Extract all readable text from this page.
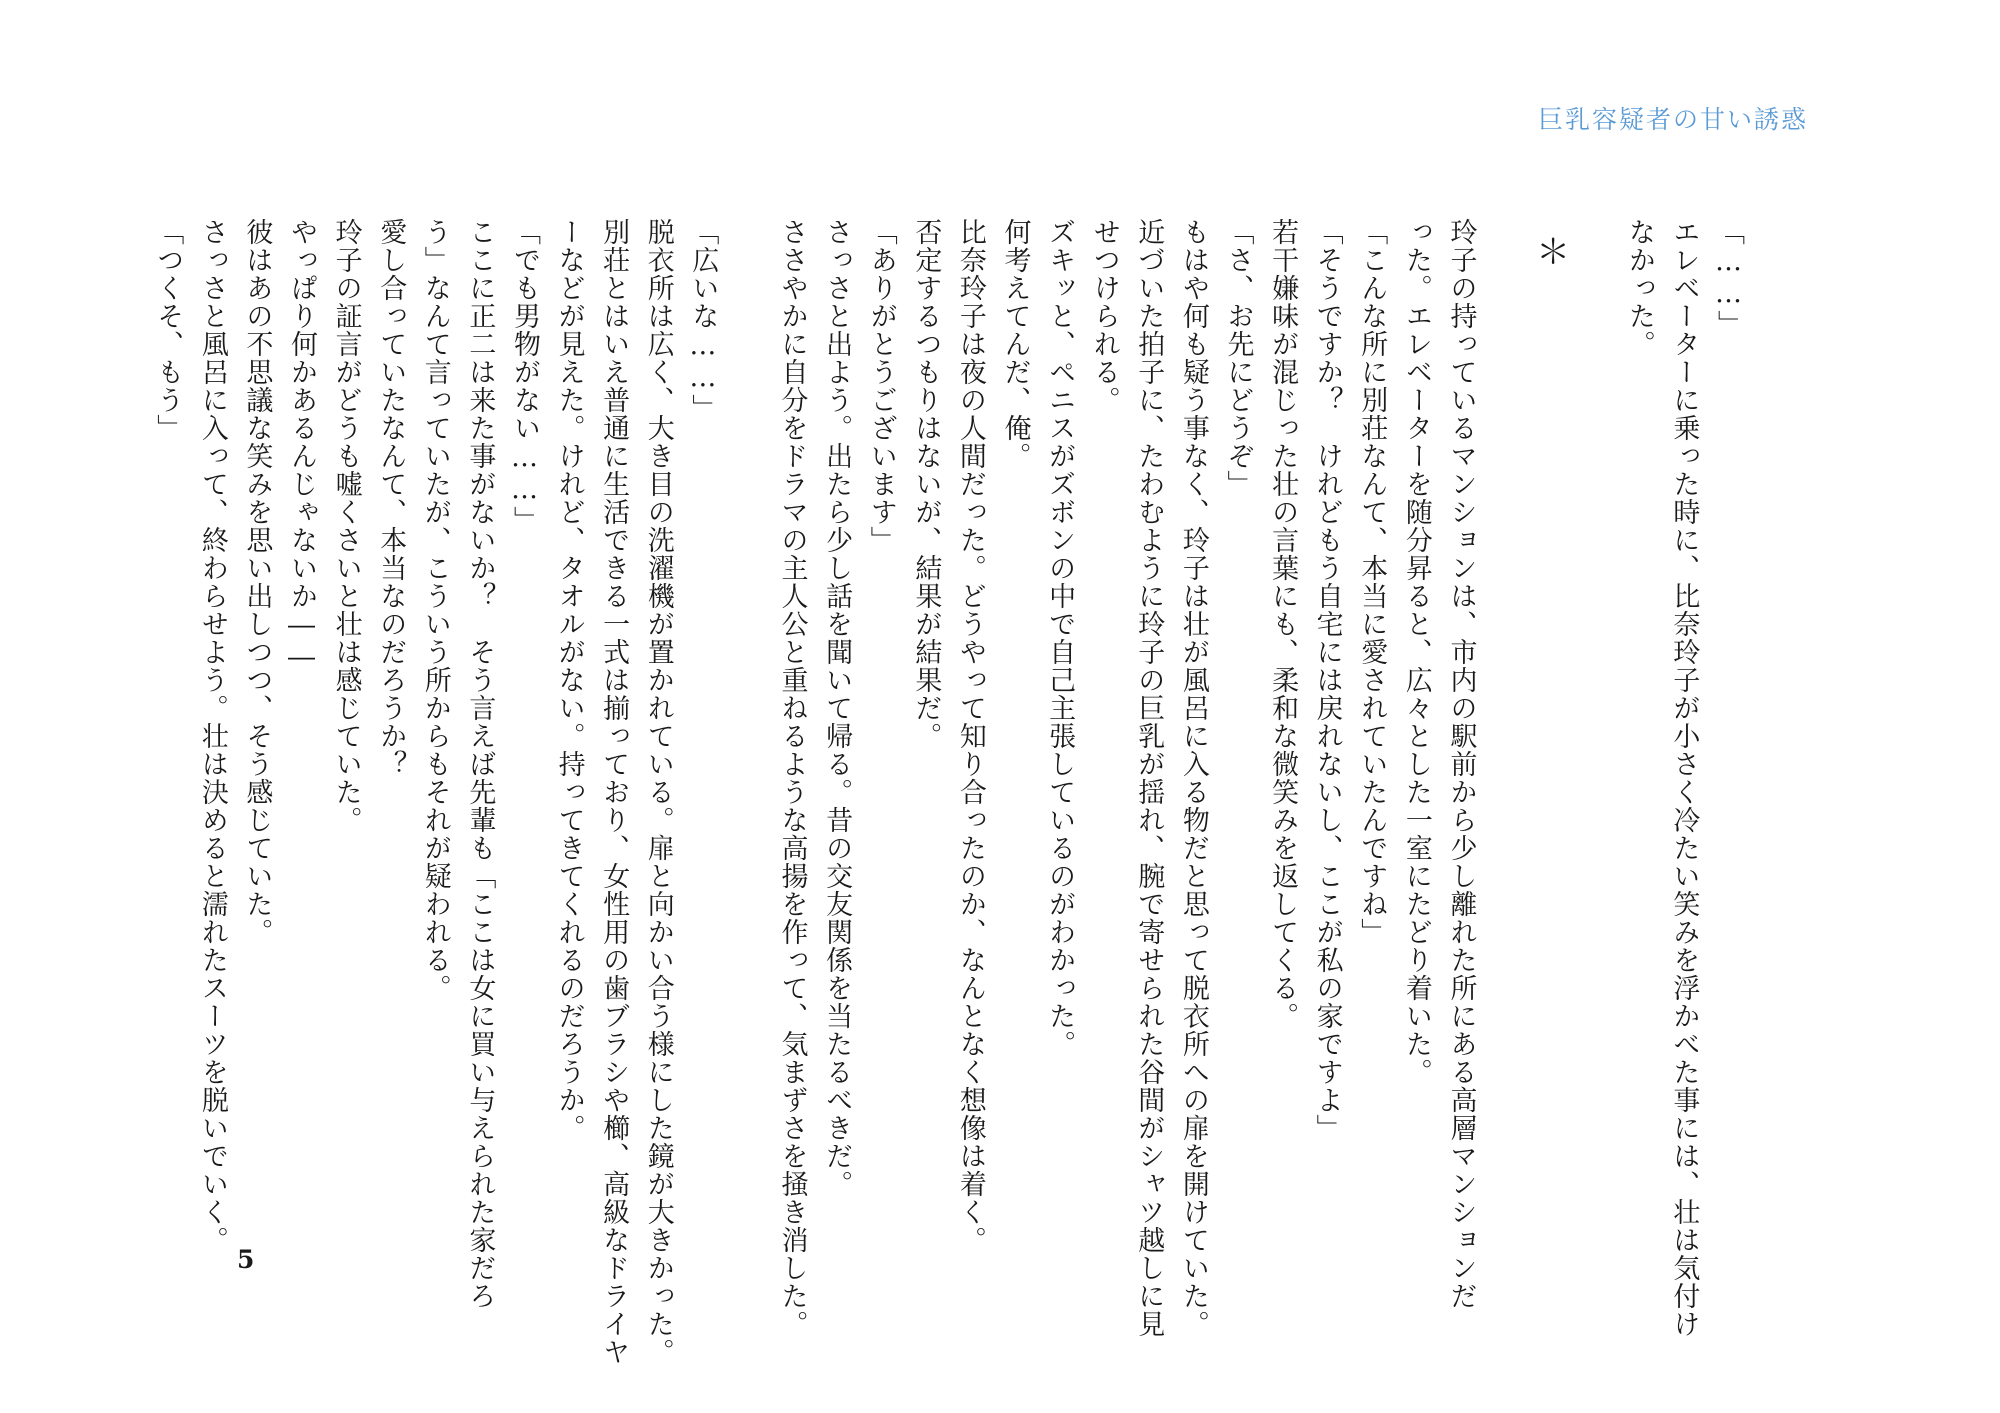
巨乳容疑者の甘い誘惑
「……」
エレベーターに乗った時に、比奈玲子が小さく冷たい笑みを浮かべた事には、壮は気付け
なかった。
＊
玲子の持っているマンションは、市内の駅前から少し離れた所にある高層マンションだ
った。エレベーターを随分昇ると、広々とした一室にたどり着いた。
「こんな所に別荘なんて、本当に愛されていたんですね」
「そうですか？　けれどもう自宅には戻れないし、ここが私の家ですよ」
若干嫌味が混じった壮の言葉にも、柔和な微笑みを返してくる。
「さ、お先にどうぞ」
もはや何も疑う事なく、玲子は壮が風呂に入る物だと思って脱衣所への扉を開けていた。
近づいた拍子に、たわむように玲子の巨乳が揺れ、腕で寄せられた谷間がシャツ越しに見
せつけられる。
ズキッと、ペニスがズボンの中で自己主張しているのがわかった。
何考えてんだ、俺。
比奈玲子は夜の人間だった。どうやって知り合ったのか、なんとなく想像は着く。
否定するつもりはないが、結果が結果だ。
「ありがとうございます」
さっさと出よう。出たら少し話を聞いて帰る。昔の交友関係を当たるべきだ。
ささやかに自分をドラマの主人公と重ねるような高揚を作って、気まずさを掻き消した。
「広いな……」
脱衣所は広く、大き目の洗濯機が置かれている。扉と向かい合う様にした鏡が大きかった。
別荘とはいえ普通に生活できる一式は揃っており、女性用の歯ブラシや櫛、高級なドライヤ
ーなどが見えた。けれど、タオルがない。持ってきてくれるのだろうか。
「でも男物がない……」
ここに正二は来た事がないか？　そう言えば先輩も「ここは女に買い与えられた家だろ
う」なんて言っていたが、こういう所からもそれが疑われる。
愛し合っていたなんて、本当なのだろうか？
玲子の証言がどうも嘘くさいと壮は感じていた。
やっぱり何かあるんじゃないか――
彼はあの不思議な笑みを思い出しつつ、そう感じていた。
さっさと風呂に入って、終わらせよう。壮は決めると濡れたスーツを脱いでいく。
「つくそ、もう」
5
